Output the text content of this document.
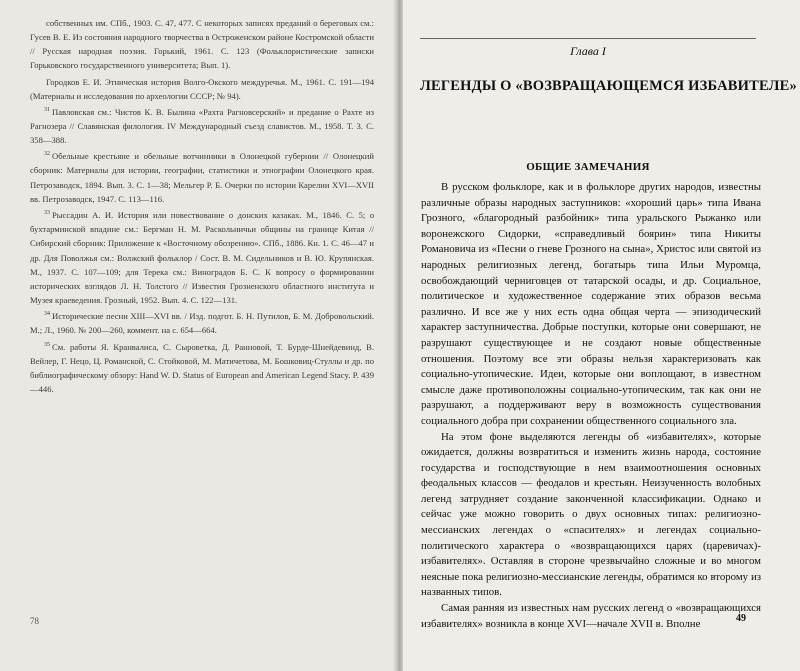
собственных им. СПб., 1903. С. 47, 477. С некоторых записях преданий о береговых см.: Гусев В. Е. Из состояния народного творчества в Остроженском районе Костромской области // Русская народная поэзия. Горький, 1961. С. 123 (Фольклористические записки Горьковского государственного университета; Вып. 1).

Городков Е. И. Этническая история Волго-Окского междуречья. М., 1961. С. 191—194 (Материалы и исследования по археологии СССР; № 94).

$^{31}$ Павловская см.: Чистов К. В. Былина «Рахта Рагновсерский» и предание о Рахте из Рагнозера // Славянская филология. IV Международный съезд славистов. М., 1958. Т. 3. С. 358—388.

$^{32}$ Обельные крестьяне и обельные вотчинники в Олонецкой губернии // Олонецкий сборник: Материалы для истории, географии, статистики и этнографии Олонецкого края. Петрозаводск, 1894. Вып. 3. С. 1—38; Мельгер Р. Б. Очерки по истории Карелии XVI—XVII вв. Петрозаводск, 1947. С. 113—116.

$^{33}$ Рыссадин А. И. История или повествование о донских казаках. М., 1846. С. 5; о бухтарминской впадине см.: Бергман Н. М. Раскольничьи общины на границе Китая // Сибирский сборник: Приложение к «Восточному обозрению». СПб., 1886. Кн. 1. С. 46—47 и др. Для Поволжья см.: Волжский фольклор / Сост. В. М. Сидельников и В. Ю. Крупянская. М., 1937. С. 107—109; для Терека см.: Виноградов Б. С. К вопросу о формировании исторических взглядов Л. Н. Толстого // Известия Грозненского областного института и Музея краеведения. Грозный, 1952. Вып. 4. С. 122—131.

$^{34}$ Исторические песни XIII—XVI вв. / Изд. подгот. Б. Н. Путилов, Б. М. Добровольский. М.; Л., 1960. № 200—260, коммент. на с. 654—664.

$^{35}$ См. работы Я. Кранвалиса, С. Сыроветка, Д. Ранновой, Т. Бурде-Шнейдевинд, В. Вейлер, Г. Нецо, Ц. Романской, С. Стойковой, М. Матичетова, М. Бошковиц-Стуллы и др. по библиографическому обзору: Hand W. D. Status of European and American Legend Stacy. P. 439—446.

78
Глава I
ЛЕГЕНДЫ О «ВОЗВРАЩАЮЩЕМСЯ ИЗБАВИТЕЛЕ»
ОБЩИЕ ЗАМЕЧАНИЯ

В русском фольклоре, как и в фольклоре других народов, известны различные образы народных заступников: «хороший царь» типа Ивана Грозного, «благородный разбойник» типа уральского Рыжанко или воронежского Сидорки, «справедливый боярин» типа Никиты Романовича из «Песни о гневе Грозного на сына», Христос или святой из народных религиозных легенд, богатырь типа Ильи Муромца, освобождающий черниговцев от татарской осады, и др. Социальное, политическое и художественное содержание этих образов весьма различно. И все же у них есть одна общая черта — эпизодический характер заступничества. Добрые поступки, которые они совершают, не разрушают существующее и не создают новые общественные отношения. Поэтому все эти образы нельзя характеризовать как социально-утопические. Идеи, которые они воплощают, в известном смысле даже противоположны социально-утопическим, так как они не разрушают, а поддерживают веру в возможность существования социального добра при сохранении общественного социального зла.

На этом фоне выделяются легенды об «избавителях», которые ожидается, должны возвратиться и изменить жизнь народа, состояние государства и господствующие в нем взаимоотношения основных феодальных классов — феодалов и крестьян. Неизученность волобных легенд затрудняет создание законченной классификации. Однако и сейчас уже можно говорить о двух основных типах: религиозно-мессианских легендах о «спасителях» и легендах социально-политического характера о «возвращающихся царях (царевичах)-избавителях». Оставляя в стороне чрезвычайно сложные и во многом неясные пока религиозно-мессианские легенды, обратимся ко второму из названных типов.

Самая ранняя из известных нам русских легенд о «возвращающихся избавителях» возникла в конце XVI—начале XVII в. Вполне	49
